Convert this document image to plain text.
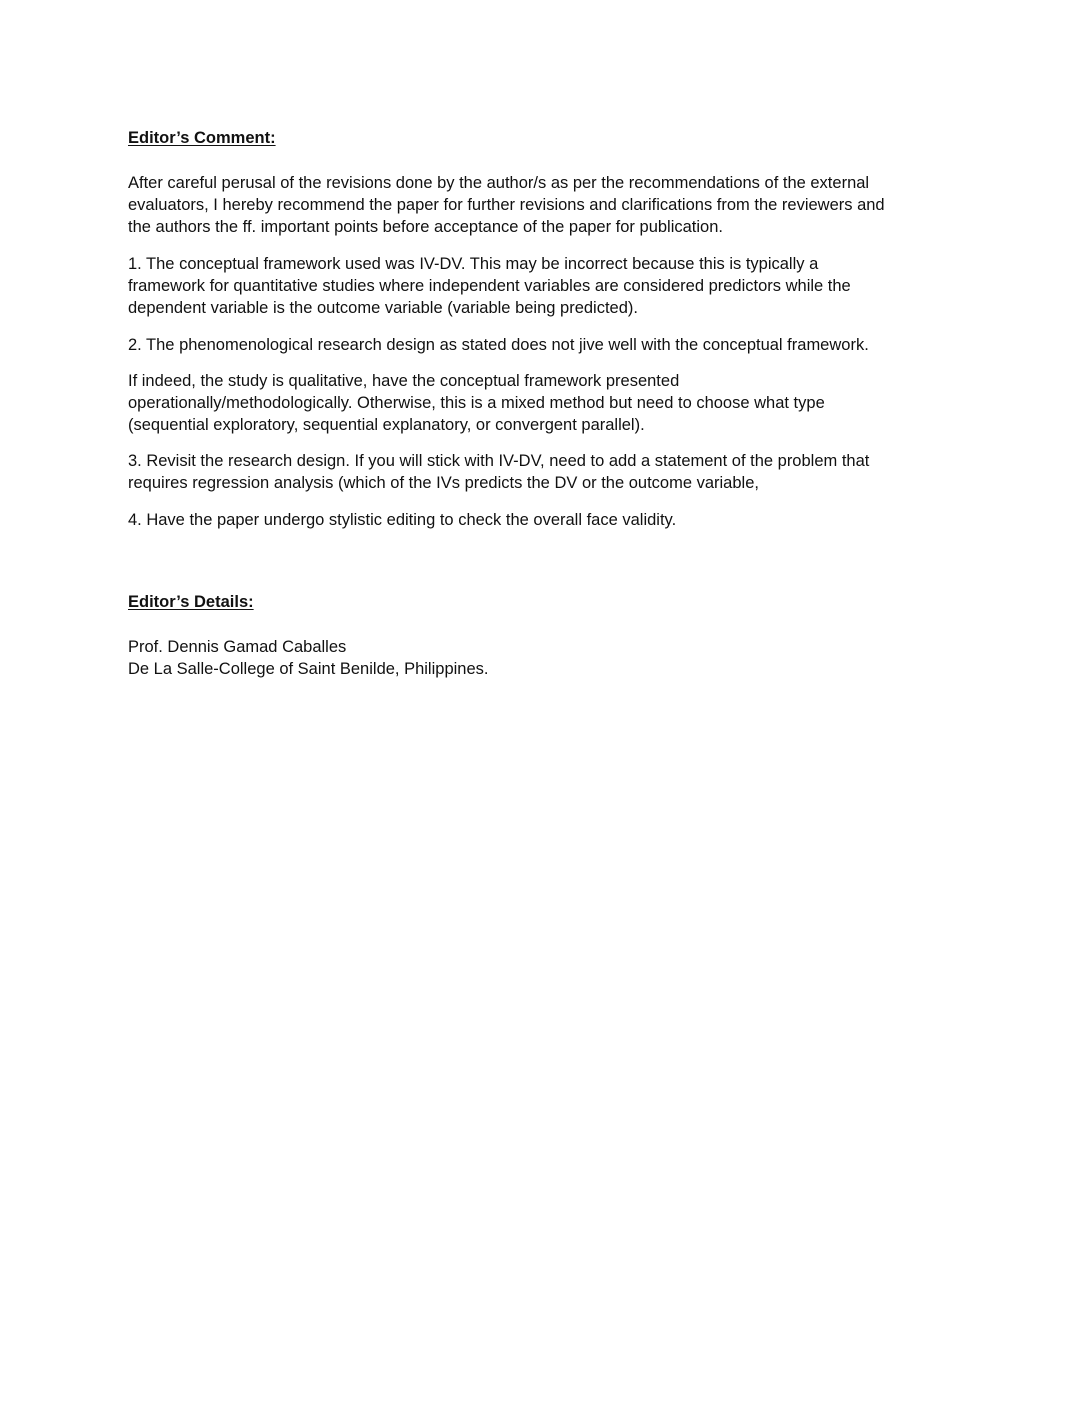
Editor’s Comment:

After careful perusal of the revisions done by the author/s as per the recommendations of the external
evaluators, I hereby recommend the paper for further revisions and clarifications from the reviewers and
the authors the ff. important points before acceptance of the paper for publication.

1. The conceptual framework used was IV-DV. This may be incorrect because this is typically a
framework for quantitative studies where independent variables are considered predictors while the
dependent variable is the outcome variable (variable being predicted).

2. The phenomenological research design as stated does not jive well with the conceptual framework.

If indeed, the study is qualitative, have the conceptual framework presented
operationally/methodologically. Otherwise, this is a mixed method but need to choose what type
(sequential exploratory, sequential explanatory, or convergent parallel).

3. Revisit the research design. If you will stick with IV-DV, need to add a statement of the problem that
requires regression analysis (which of the IVs predicts the DV or the outcome variable,

4. Have the paper undergo stylistic editing to check the overall face validity.

Editor’s Details:

Prof. Dennis Gamad Caballes
De La Salle-College of Saint Benilde, Philippines.
